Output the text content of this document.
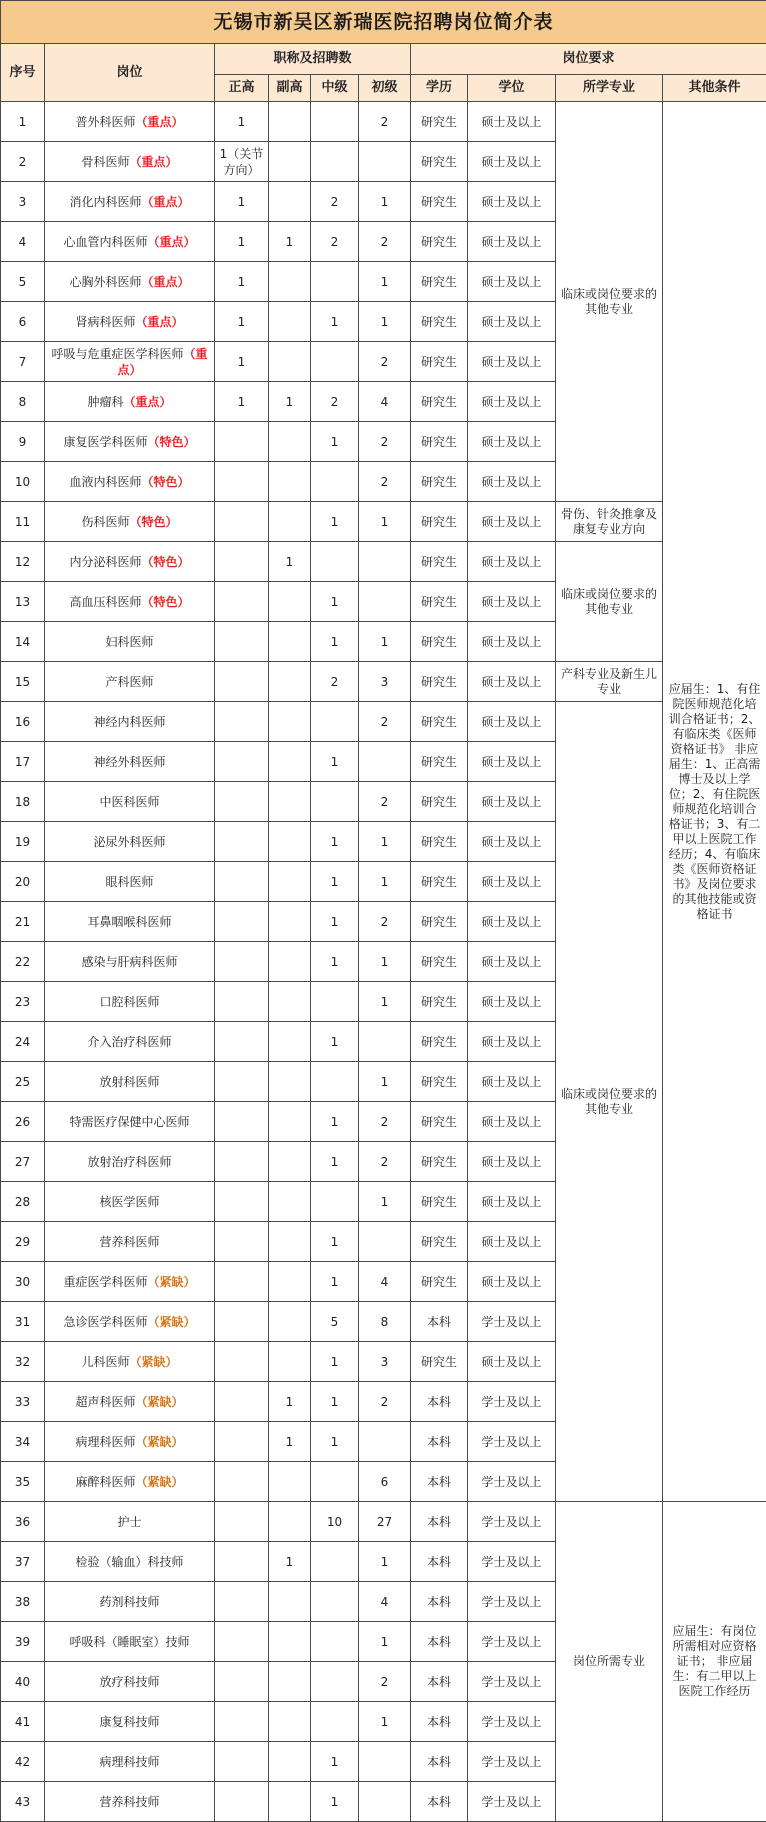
无锡市新吴区新瑞医院招聘岗位简介表									
序号	岗位	职称及招聘数				岗位要求			
		正高	副高	中级	初级	学历	学位	所学专业	其他条件
1	普外科医师（重点）	1			2	研究生	硕士及以上	临床或岗位要求的其他专业	应届生：1、有住院医师规范化培训合格证书；2、有临床类《医师资格证书》 非应届生：1、正高需博士及以上学位；2、有住院医师规范化培训合格证书；3、有二甲以上医院工作经历；4、有临床类《医师资格证书》及岗位要求的其他技能或资格证书
2	骨科医师（重点）	1（关节方向）				研究生	硕士及以上		
3	消化内科医师（重点）	1		2	1	研究生	硕士及以上		
4	心血管内科医师（重点）	1	1	2	2	研究生	硕士及以上		
5	心胸外科医师（重点）	1			1	研究生	硕士及以上		
6	肾病科医师（重点）	1		1	1	研究生	硕士及以上		
7	呼吸与危重症医学科医师（重点）	1			2	研究生	硕士及以上		
8	肿瘤科（重点）	1	1	2	4	研究生	硕士及以上		
9	康复医学科医师（特色）			1	2	研究生	硕士及以上		
10	血液内科医师（特色）				2	研究生	硕士及以上		
11	伤科医师（特色）			1	1	研究生	硕士及以上	骨伤、针灸推拿及康复专业方向	
12	内分泌科医师（特色）		1			研究生	硕士及以上	临床或岗位要求的其他专业	
13	高血压科医师（特色）			1		研究生	硕士及以上		
14	妇科医师			1	1	研究生	硕士及以上		
15	产科医师			2	3	研究生	硕士及以上	产科专业及新生儿专业	
16	神经内科医师				2	研究生	硕士及以上	临床或岗位要求的其他专业	
17	神经外科医师			1		研究生	硕士及以上		
18	中医科医师				2	研究生	硕士及以上		
19	泌尿外科医师			1	1	研究生	硕士及以上		
20	眼科医师			1	1	研究生	硕士及以上		
21	耳鼻咽喉科医师			1	2	研究生	硕士及以上		
22	感染与肝病科医师			1	1	研究生	硕士及以上		
23	口腔科医师				1	研究生	硕士及以上		
24	介入治疗科医师			1		研究生	硕士及以上		
25	放射科医师				1	研究生	硕士及以上		
26	特需医疗保健中心医师			1	2	研究生	硕士及以上		
27	放射治疗科医师			1	2	研究生	硕士及以上		
28	核医学医师				1	研究生	硕士及以上		
29	营养科医师			1		研究生	硕士及以上		
30	重症医学科医师（紧缺）			1	4	研究生	硕士及以上		
31	急诊医学科医师（紧缺）			5	8	本科	学士及以上		
32	儿科医师（紧缺）			1	3	研究生	硕士及以上		
33	超声科医师（紧缺）		1	1	2	本科	学士及以上		
34	病理科医师（紧缺）		1	1		本科	学士及以上		
35	麻醉科医师（紧缺）				6	本科	学士及以上		
36	护士			10	27	本科	学士及以上	岗位所需专业	应届生：有岗位所需相对应资格证书； 非应届生：有二甲以上医院工作经历
37	检验（输血）科技师		1		1	本科	学士及以上		
38	药剂科技师				4	本科	学士及以上		
39	呼吸科（睡眠室）技师				1	本科	学士及以上		
40	放疗科技师				2	本科	学士及以上		
41	康复科技师				1	本科	学士及以上		
42	病理科技师			1		本科	学士及以上		
43	营养科技师			1		本科	学士及以上		
